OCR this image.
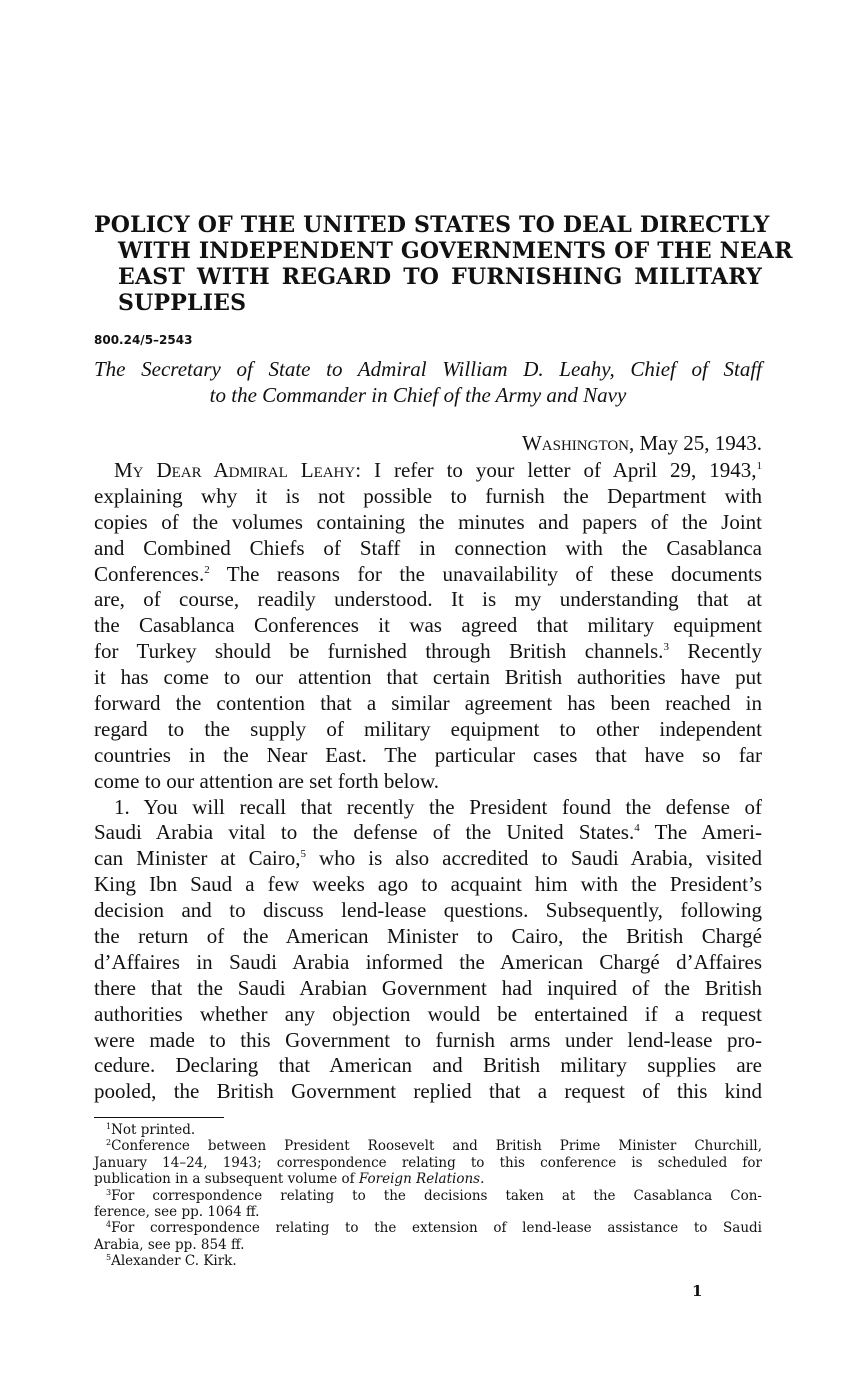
POLICY OF THE UNITED STATES TO DEAL DIRECTLY
WITH INDEPENDENT GOVERNMENTS OF THE NEAR
EAST WITH REGARD TO FURNISHING MILITARY
SUPPLIES
800.24/5–2543
The Secretary of State to Admiral William D. Leahy, Chief of Staff
to the Commander in Chief of the Army and Navy
Washington, May 25, 1943.
My Dear Admiral Leahy: I refer to your letter of April 29, 1943,$^1$
explaining why it is not possible to furnish the Department with
copies of the volumes containing the minutes and papers of the Joint
and Combined Chiefs of Staff in connection with the Casablanca
Conferences.$^2$ The reasons for the unavailability of these documents
are, of course, readily understood. It is my understanding that at
the Casablanca Conferences it was agreed that military equipment
for Turkey should be furnished through British channels.$^3$ Recently
it has come to our attention that certain British authorities have put
forward the contention that a similar agreement has been reached in
regard to the supply of military equipment to other independent
countries in the Near East. The particular cases that have so far
come to our attention are set forth below.
1. You will recall that recently the President found the defense of
Saudi Arabia vital to the defense of the United States.$^4$ The Ameri-
can Minister at Cairo,$^5$ who is also accredited to Saudi Arabia, visited
King Ibn Saud a few weeks ago to acquaint him with the President’s
decision and to discuss lend-lease questions. Subsequently, following
the return of the American Minister to Cairo, the British Chargé
d’Affaires in Saudi Arabia informed the American Chargé d’Affaires
there that the Saudi Arabian Government had inquired of the British
authorities whether any objection would be entertained if a request
were made to this Government to furnish arms under lend-lease pro-
cedure. Declaring that American and British military supplies are
pooled, the British Government replied that a request of this kind
$^1$Not printed.
$^2$Conference between President Roosevelt and British Prime Minister Churchill,
January 14–24, 1943; correspondence relating to this conference is scheduled for
publication in a subsequent volume of Foreign Relations.
$^3$For correspondence relating to the decisions taken at the Casablanca Con-
ference, see pp. 1064 ff.
$^4$For correspondence relating to the extension of lend-lease assistance to Saudi
Arabia, see pp. 854 ff.
$^5$Alexander C. Kirk.
1
